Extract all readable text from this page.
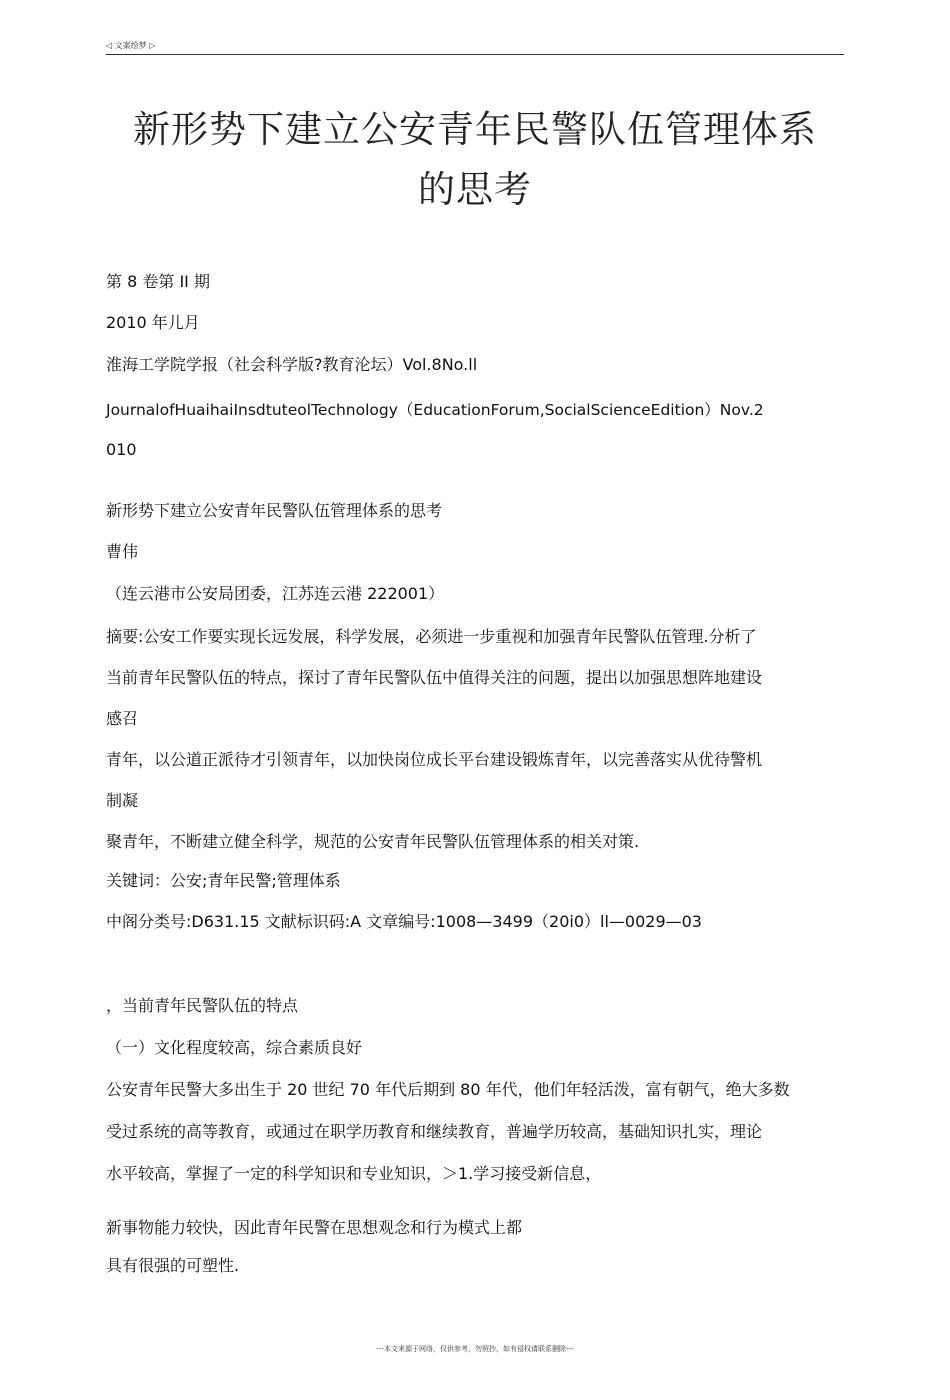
◁ 文案绘梦 ▷
新形势下建立公安青年民警队伍管理体系
的思考
第 8 卷第 II 期
2010 年儿月
淮海工学院学报（社会科学版?教育沦坛）Vol.8No.ll
JournalofHuaihaiInsdtuteolTechnology（EducationForum,SocialScienceEdition）Nov.2
010
新形势下建立公安青年民警队伍管理体系的思考
曹伟
（连云港市公安局团委，江苏连云港 222001）
摘要:公安工作要实现长远发展，科学发展，必须进一步重视和加强青年民警队伍管理.分析了
当前青年民警队伍的特点，探讨了青年民警队伍中值得关注的问题，提出以加强思想阵地建设
感召
青年，以公道正派待才引领青年，以加快岗位成长平台建设锻炼青年，以完善落实从优待警机
制凝
聚青年，不断建立健全科学，规范的公安青年民警队伍管理体系的相关对策.
关键词：公安;青年民警;管理体系
中阁分类号:D631.15 文献标识码:A 文章编号:1008—3499（20i0）ll—0029—03
，当前青年民警队伍的特点
（一）文化程度较高，综合素质良好
公安青年民警大多出生于 20 世纪 70 年代后期到 80 年代，他们年轻活泼，富有朝气，绝大多数
受过系统的高等教育，或通过在职学历教育和继续教育，普遍学历较高，基础知识扎实，理论
水平较高，掌握了一定的科学知识和专业知识，＞1.学习接受新信息，
新事物能力较快，因此青年民警在思想观念和行为模式上都
具有很强的可塑性.
---本文来源于网络，仅供参考，勿照抄，如有侵权请联系删除---
